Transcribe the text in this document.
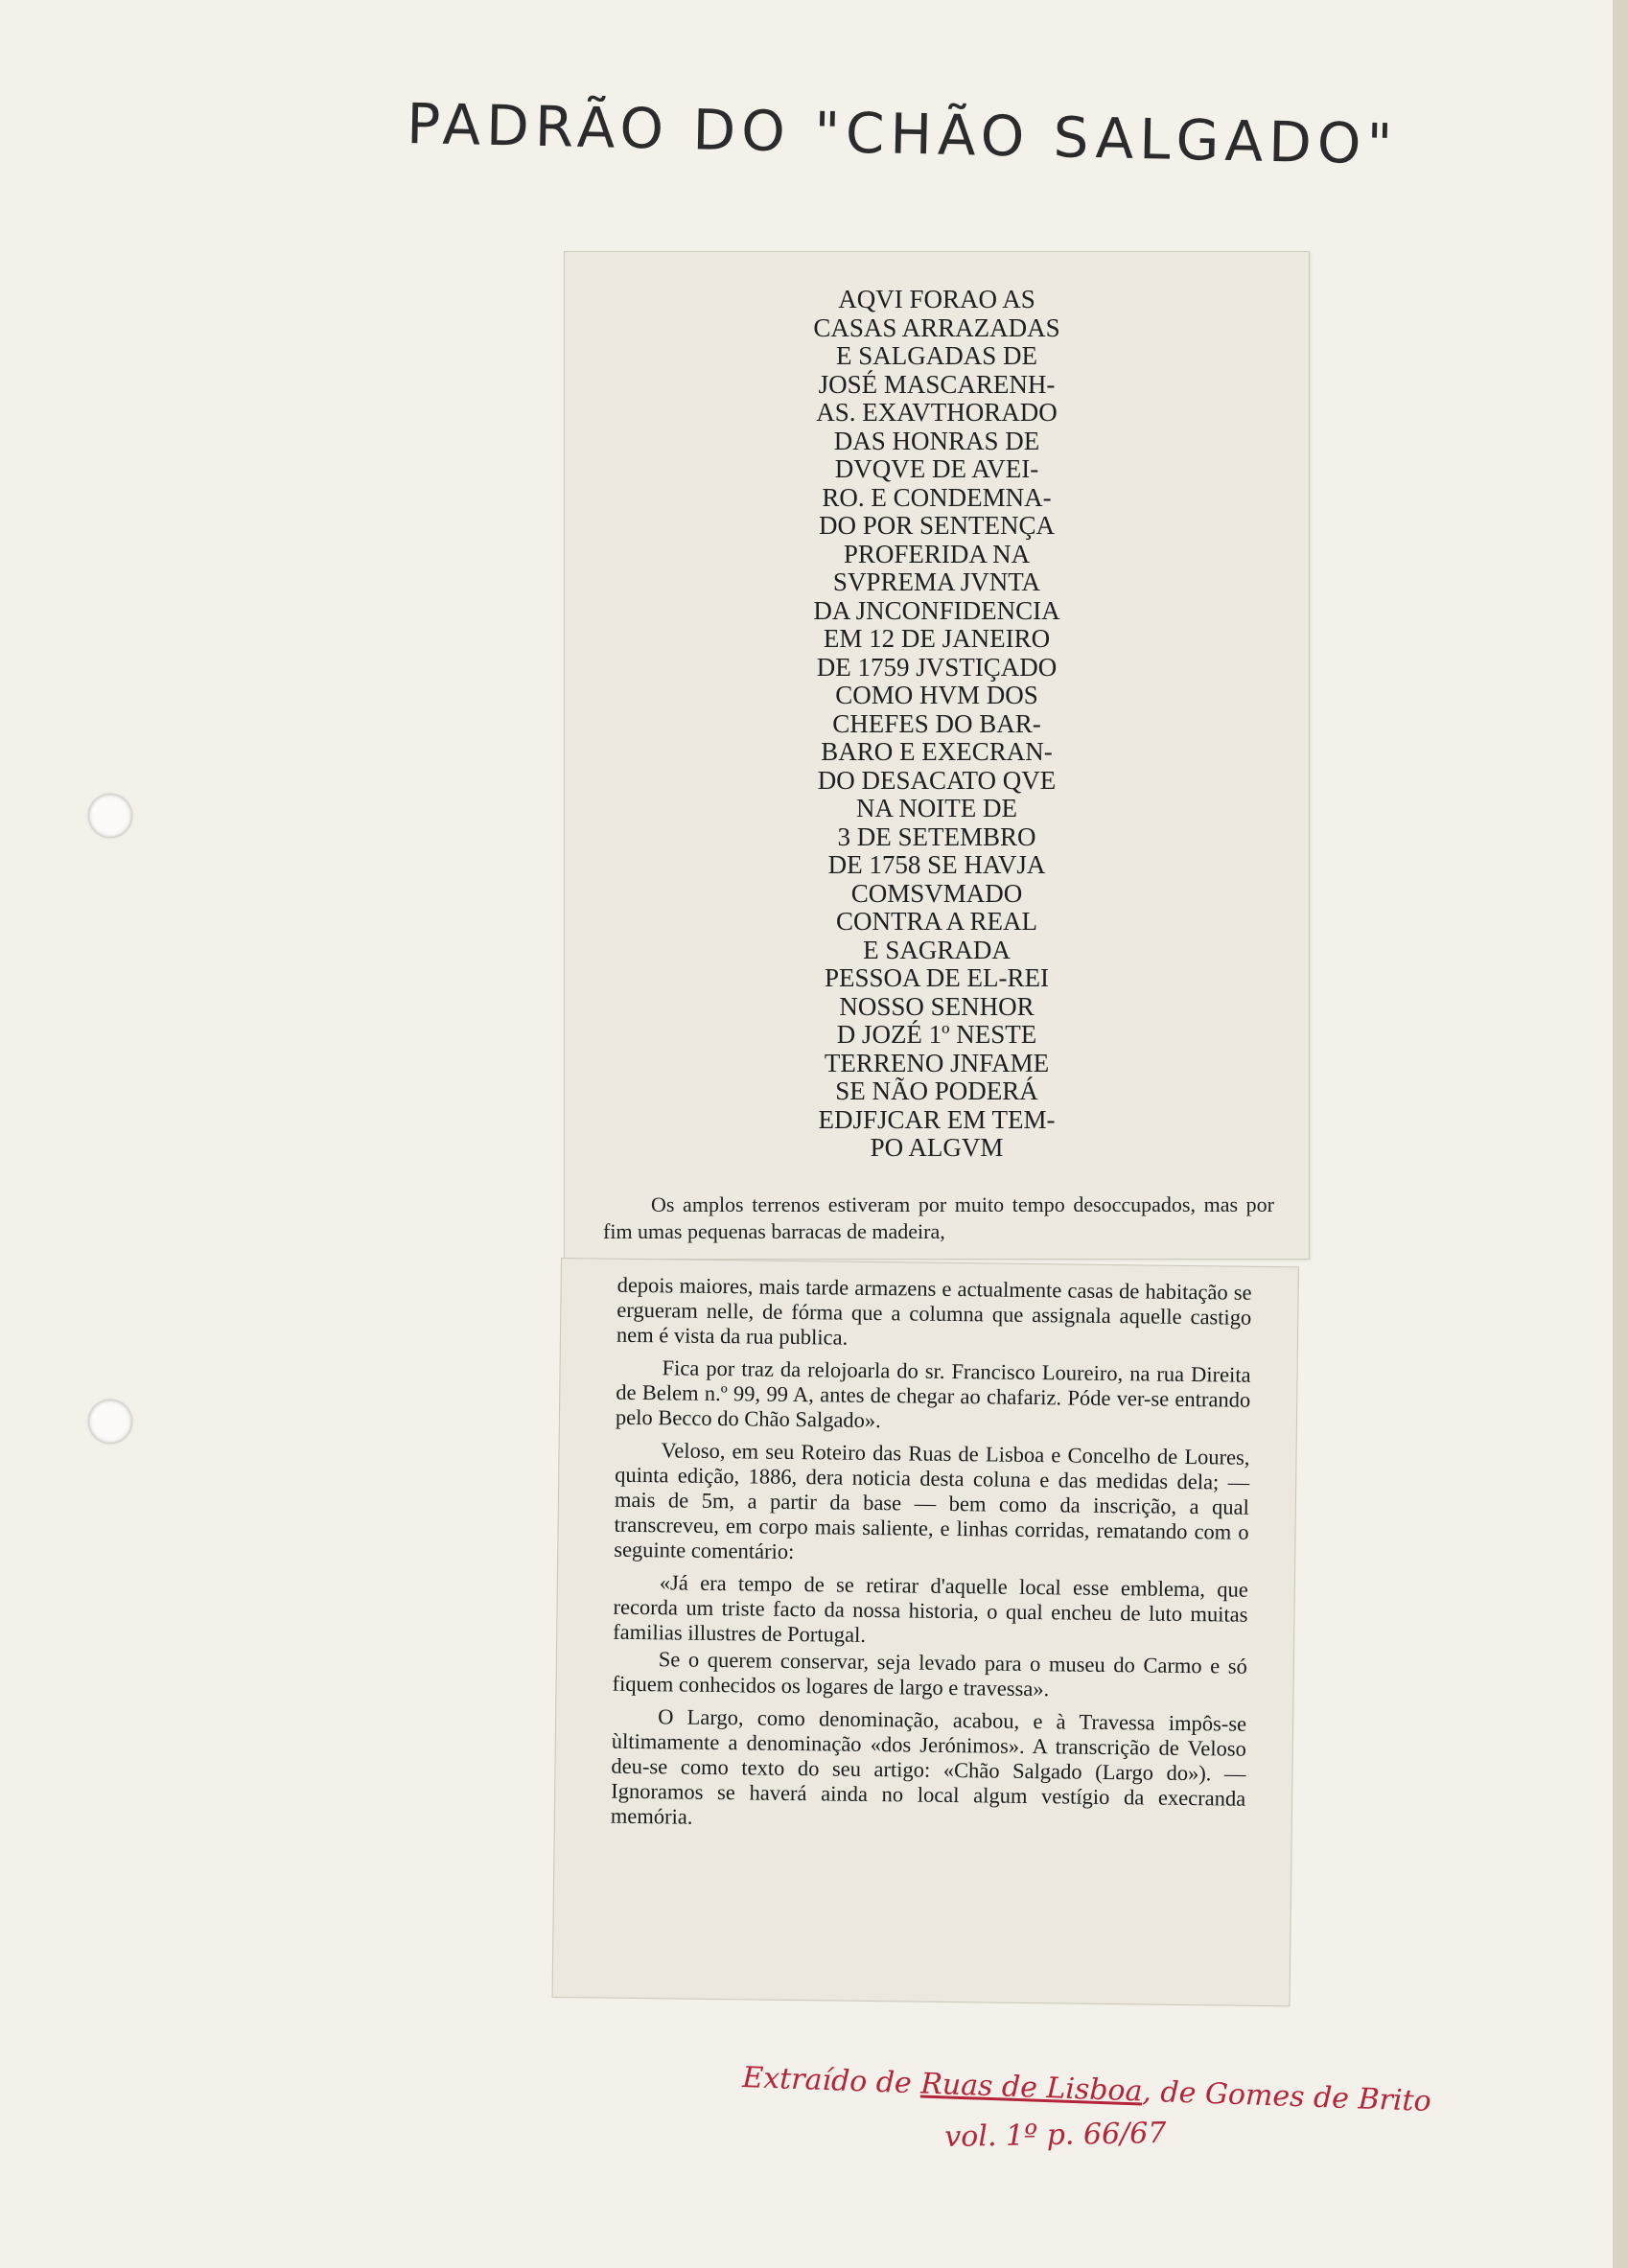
PADRÃO DO "CHÃO SALGADO"
AQVI FORAO AS
CASAS ARRAZADAS
E SALGADAS DE
JOSÉ MASCARENH-
AS. EXAVTHORADO
DAS HONRAS DE
DVQVE DE AVEI-
RO. E CONDEMNA-
DO POR SENTENÇA
PROFERIDA NA
SVPREMA JVNTA
DA JNCONFIDENCIA
EM 12 DE JANEIRO
DE 1759 JVSTIÇADO
COMO HVM DOS
CHEFES DO BAR-
BARO E EXECRAN-
DO DESACATO QVE
NA NOITE DE
3 DE SETEMBRO
DE 1758 SE HAVJA
COMSVMADO
CONTRA A REAL
E SAGRADA
PESSOA DE EL-REI
NOSSO SENHOR
D JOZÉ 1º NESTE
TERRENO JNFAME
SE NÃO PODERÁ
EDJFJCAR EM TEM-
PO ALGVM

Os amplos terrenos estiveram por muito tempo desoccupados, mas por fim umas pequenas barracas de madeira,

depois maiores, mais tarde armazens e actualmente casas de habitação se ergueram nelle, de fórma que a columna que assignala aquelle castigo nem é vista da rua publica.

Fica por traz da relojoarla do sr. Francisco Loureiro, na rua Direita de Belem n.º 99, 99 A, antes de chegar ao chafariz. Póde ver-se entrando pelo Becco do Chão Salgado».

Veloso, em seu Roteiro das Ruas de Lisboa e Concelho de Loures, quinta edição, 1886, dera noticia desta coluna e das medidas dela; — mais de 5m, a partir da base — bem como da inscrição, a qual transcreveu, em corpo mais saliente, e linhas corridas, rematando com o seguinte comentário:

«Já era tempo de se retirar d'aquelle local esse emblema, que recorda um triste facto da nossa historia, o qual encheu de luto muitas familias illustres de Portugal.

Se o querem conservar, seja levado para o museu do Carmo e só fiquem conhecidos os logares de largo e travessa».

O Largo, como denominação, acabou, e à Travessa impôs-se ùltimamente a denominação «dos Jerónimos». A transcrição de Veloso deu-se como texto do seu artigo: «Chão Salgado (Largo do»). — Ignoramos se haverá ainda no local algum vestígio da execranda memória.

Extraído de Ruas de Lisboa, de Gomes de Brito
vol. 1º p. 66/67
